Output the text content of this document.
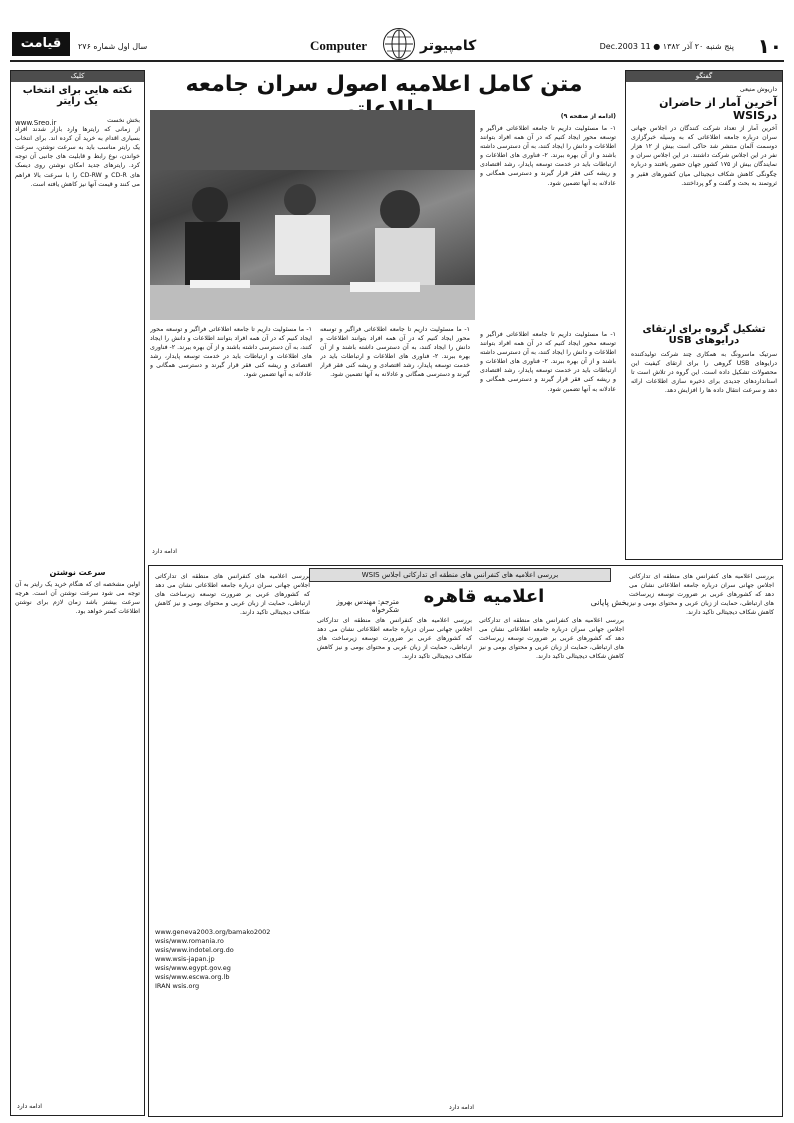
۱۰
پنج شنبه ۲۰ آذر ۱۳۸۲ ● 11 Dec.2003
کامپیوتر
Computer
سال اول شماره ۲۷۶
قیامت
گفتگو
داریوش منیعی
آخرین آمار از حاضران درWSIS
آخرین آمار از تعداد شرکت کنندگان در اجلاس جهانی سران درباره جامعه اطلاعاتی که به وسیله خبرگزاری دوسمت آلمان منتشر شد حاکی است بیش از ۱۲ هزار نفر در این اجلاس شرکت داشتند. در این اجلاس سران و نمایندگان بیش از ۱۷۵ کشور جهان حضور یافتند و درباره چگونگی کاهش شکاف دیجیتالی میان کشورهای فقیر و ثروتمند به بحث و گفت و گو پرداختند.
تشکیل گروه برای ارتقای درایوهای USB
سرتیک ماسرونگ به همکاری چند شرکت تولیدکننده درایوهای USB گروهی را برای ارتقای کیفیت این محصولات تشکیل داده است. این گروه در تلاش است تا استانداردهای جدیدی برای ذخیره سازی اطلاعات ارائه دهد و سرعت انتقال داده ها را افزایش دهد.
کلیک
نکته هایی برای انتخاب یک رایتر
www.Sreo.ir	بخش نخست
از زمانی که رایترها وارد بازار شدند افراد بسیاری اقدام به خرید آن کرده اند. برای انتخاب یک رایتر مناسب باید به سرعت نوشتن، سرعت خواندن، نوع رابط و قابلیت های جانبی آن توجه کرد. رایترهای جدید امکان نوشتن روی دیسک های CD-R و CD-RW را با سرعت بالا فراهم می کنند و قیمت آنها نیز کاهش یافته است.
سرعت نوشتن
اولین مشخصه ای که هنگام خرید یک رایتر به آن توجه می شود سرعت نوشتن آن است. هرچه سرعت بیشتر باشد زمان لازم برای نوشتن اطلاعات کمتر خواهد بود.
ادامه دارد
متن کامل اعلامیه اصول سران جامعه
(ادامه از صفحه ۹)
۱- ما مسئولیت داریم تا جامعه اطلاعاتی فراگیر و توسعه محور ایجاد کنیم که در آن همه افراد بتوانند اطلاعات و دانش را ایجاد کنند، به آن دسترسی داشته باشند و از آن بهره ببرند. ۲- فناوری های اطلاعات و ارتباطات باید در خدمت توسعه پایدار، رشد اقتصادی و ریشه کنی فقر قرار گیرند و دسترسی همگانی و عادلانه به آنها تضمین شود.
۱- ما مسئولیت داریم تا جامعه اطلاعاتی فراگیر و توسعه محور ایجاد کنیم که در آن همه افراد بتوانند اطلاعات و دانش را ایجاد کنند، به آن دسترسی داشته باشند و از آن بهره ببرند. ۲- فناوری های اطلاعات و ارتباطات باید در خدمت توسعه پایدار، رشد اقتصادی و ریشه کنی فقر قرار گیرند و دسترسی همگانی و عادلانه به آنها تضمین شود.
۱- ما مسئولیت داریم تا جامعه اطلاعاتی فراگیر و توسعه محور ایجاد کنیم که در آن همه افراد بتوانند اطلاعات و دانش را ایجاد کنند، به آن دسترسی داشته باشند و از آن بهره ببرند. ۲- فناوری های اطلاعات و ارتباطات باید در خدمت توسعه پایدار، رشد اقتصادی و ریشه کنی فقر قرار گیرند و دسترسی همگانی و عادلانه به آنها تضمین شود.
۱- ما مسئولیت داریم تا جامعه اطلاعاتی فراگیر و توسعه محور ایجاد کنیم که در آن همه افراد بتوانند اطلاعات و دانش را ایجاد کنند، به آن دسترسی داشته باشند و از آن بهره ببرند. ۲- فناوری های اطلاعات و ارتباطات باید در خدمت توسعه پایدار، رشد اقتصادی و ریشه کنی فقر قرار گیرند و دسترسی همگانی و عادلانه به آنها تضمین شود.
ادامه دارد
بررسی اعلامیه های کنفرانس های منطقه ای تدارکاتی اجلاس WSIS
اعلامیه قاهره	بخش پایانی
مترجم: مهندس بهروز شکرخواه
بررسی اعلامیه های کنفرانس های منطقه ای تدارکاتی اجلاس جهانی سران درباره جامعه اطلاعاتی نشان می دهد که کشورهای عربی بر ضرورت توسعه زیرساخت های ارتباطی، حمایت از زبان عربی و محتوای بومی و نیز کاهش شکاف دیجیتالی تاکید دارند.
بررسی اعلامیه های کنفرانس های منطقه ای تدارکاتی اجلاس جهانی سران درباره جامعه اطلاعاتی نشان می دهد که کشورهای عربی بر ضرورت توسعه زیرساخت های ارتباطی، حمایت از زبان عربی و محتوای بومی و نیز کاهش شکاف دیجیتالی تاکید دارند.
بررسی اعلامیه های کنفرانس های منطقه ای تدارکاتی اجلاس جهانی سران درباره جامعه اطلاعاتی نشان می دهد که کشورهای عربی بر ضرورت توسعه زیرساخت های ارتباطی، حمایت از زبان عربی و محتوای بومی و نیز کاهش شکاف دیجیتالی تاکید دارند.
بررسی اعلامیه های کنفرانس های منطقه ای تدارکاتی اجلاس جهانی سران درباره جامعه اطلاعاتی نشان می دهد که کشورهای عربی بر ضرورت توسعه زیرساخت های ارتباطی، حمایت از زبان عربی و محتوای بومی و نیز کاهش شکاف دیجیتالی تاکید دارند.
www.geneva2003.org/bamako2002
wsis/www.romania.ro
wsis/www.indotel.org.do
www.wsis-japan.jp
wsis/www.egypt.gov.eg
wsis/www.escwa.org.lb
IRAN wsis.org
ادامه دارد
